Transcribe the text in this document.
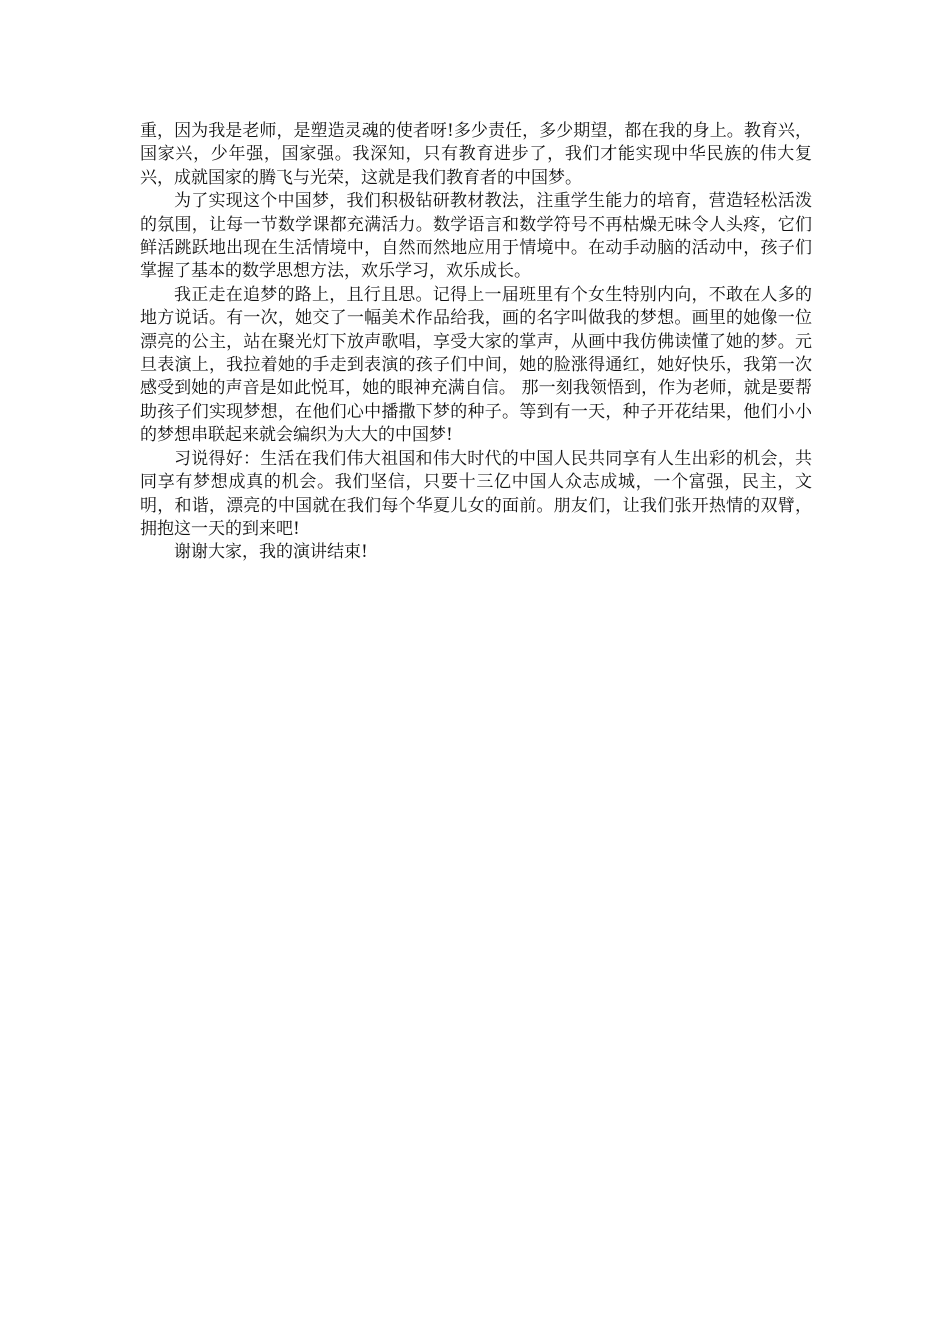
重，因为我是老师，是塑造灵魂的使者呀!多少责任，多少期望，都在我的身上。教育兴，国家兴，少年强，国家强。我深知，只有教育进步了，我们才能实现中华民族的伟大复兴，成就国家的腾飞与光荣，这就是我们教育者的中国梦。

为了实现这个中国梦，我们积极钻研教材教法，注重学生能力的培育，营造轻松活泼的氛围，让每一节数学课都充满活力。数学语言和数学符号不再枯燥无味令人头疼，它们鲜活跳跃地出现在生活情境中，自然而然地应用于情境中。在动手动脑的活动中，孩子们掌握了基本的数学思想方法，欢乐学习，欢乐成长。

我正走在追梦的路上，且行且思。记得上一届班里有个女生特别内向，不敢在人多的地方说话。有一次，她交了一幅美术作品给我，画的名字叫做我的梦想。画里的她像一位漂亮的公主，站在聚光灯下放声歌唱，享受大家的掌声，从画中我仿佛读懂了她的梦。元旦表演上，我拉着她的手走到表演的孩子们中间，她的脸涨得通红，她好快乐，我第一次感受到她的声音是如此悦耳，她的眼神充满自信。 那一刻我领悟到，作为老师，就是要帮助孩子们实现梦想，在他们心中播撒下梦的种子。等到有一天，种子开花结果，他们小小的梦想串联起来就会编织为大大的中国梦!

习说得好：生活在我们伟大祖国和伟大时代的中国人民共同享有人生出彩的机会，共同享有梦想成真的机会。我们坚信，只要十三亿中国人众志成城，一个富强，民主，文明，和谐，漂亮的中国就在我们每个华夏儿女的面前。朋友们，让我们张开热情的双臂，拥抱这一天的到来吧!

谢谢大家，我的演讲结束!
